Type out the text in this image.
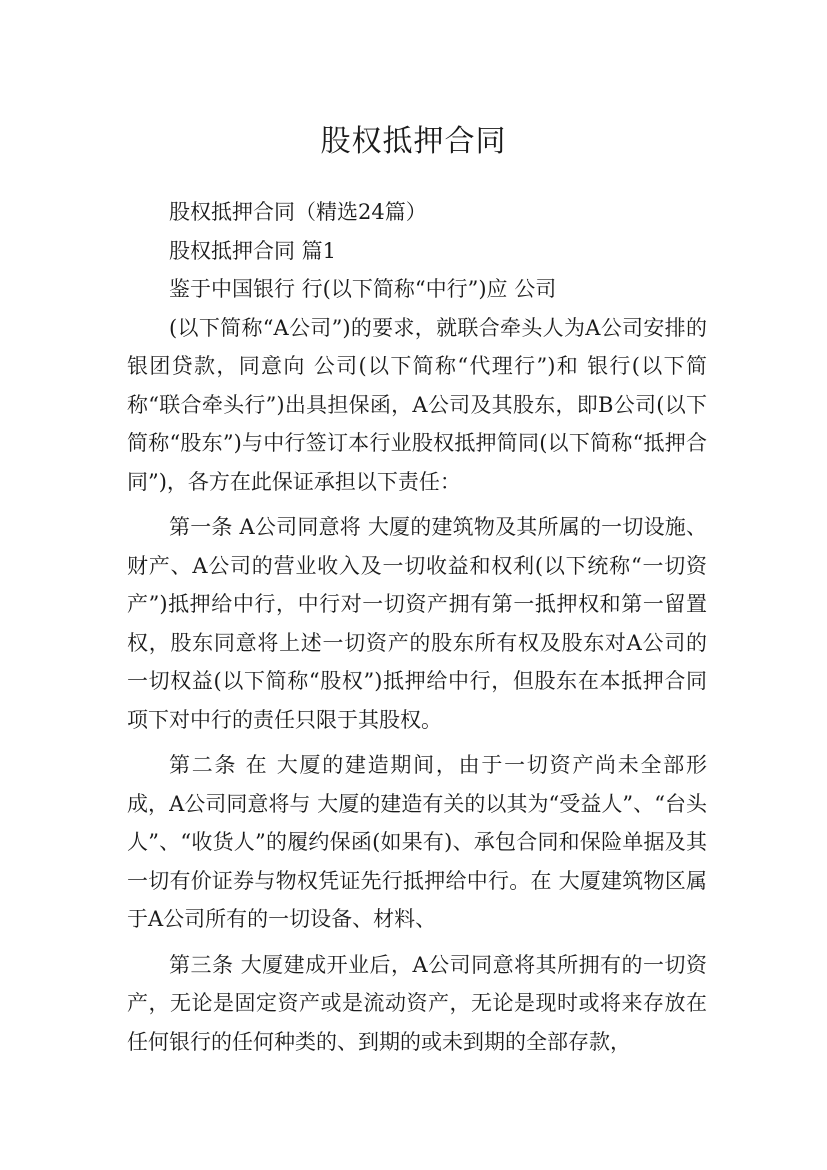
股权抵押合同

股权抵押合同（精选24篇）

股权抵押合同 篇1

鉴于中国银行 行(以下简称“中行”)应 公司

(以下简称“A公司”)的要求，就联合牵头人为A公司安排的银团贷款，同意向 公司(以下简称“代理行”)和 银行(以下简称“联合牵头行”)出具担保函，A公司及其股东，即B公司(以下简称“股东”)与中行签订本行业股权抵押简同(以下简称“抵押合同”)，各方在此保证承担以下责任：

第一条 A公司同意将 大厦的建筑物及其所属的一切设施、财产、A公司的营业收入及一切收益和权利(以下统称“一切资产”)抵押给中行，中行对一切资产拥有第一抵押权和第一留置权，股东同意将上述一切资产的股东所有权及股东对A公司的一切权益(以下简称“股权”)抵押给中行，但股东在本抵押合同项下对中行的责任只限于其股权。

第二条 在 大厦的建造期间，由于一切资产尚未全部形成，A公司同意将与 大厦的建造有关的以其为“受益人”、“台头人”、“收货人”的履约保函(如果有)、承包合同和保险单据及其一切有价证券与物权凭证先行抵押给中行。在 大厦建筑物区属于A公司所有的一切设备、材料、

第三条 大厦建成开业后，A公司同意将其所拥有的一切资产，无论是固定资产或是流动资产，无论是现时或将来存放在任何银行的任何种类的、到期的或未到期的全部存款，
